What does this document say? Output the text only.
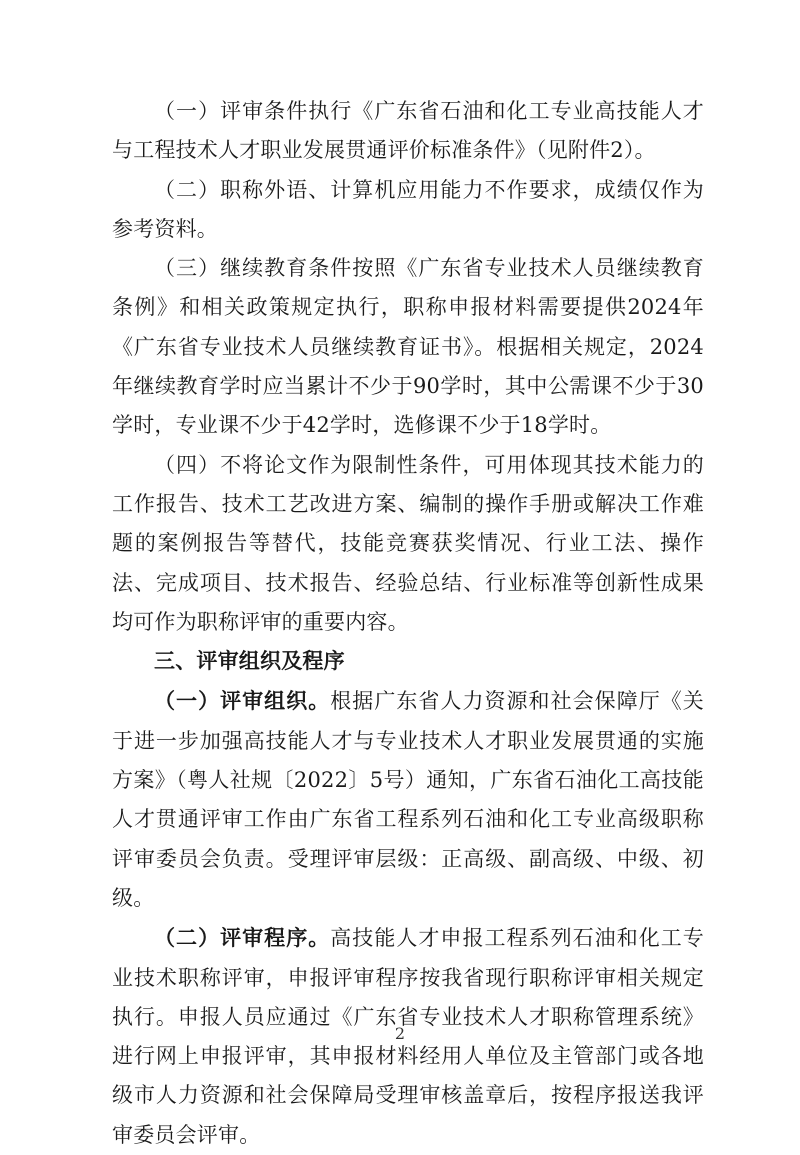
（一）评审条件执行《广东省石油和化工专业高技能人才与工程技术人才职业发展贯通评价标准条件》（见附件2）。

（二）职称外语、计算机应用能力不作要求，成绩仅作为参考资料。

（三）继续教育条件按照《广东省专业技术人员继续教育条例》和相关政策规定执行，职称申报材料需要提供2024年《广东省专业技术人员继续教育证书》。根据相关规定，2024年继续教育学时应当累计不少于90学时，其中公需课不少于30学时，专业课不少于42学时，选修课不少于18学时。

（四）不将论文作为限制性条件，可用体现其技术能力的工作报告、技术工艺改进方案、编制的操作手册或解决工作难题的案例报告等替代，技能竞赛获奖情况、行业工法、操作法、完成项目、技术报告、经验总结、行业标准等创新性成果均可作为职称评审的重要内容。

三、评审组织及程序

（一）评审组织。根据广东省人力资源和社会保障厅《关于进一步加强高技能人才与专业技术人才职业发展贯通的实施方案》（粤人社规〔2022〕5号）通知，广东省石油化工高技能人才贯通评审工作由广东省工程系列石油和化工专业高级职称评审委员会负责。受理评审层级：正高级、副高级、中级、初级。

（二）评审程序。高技能人才申报工程系列石油和化工专业技术职称评审，申报评审程序按我省现行职称评审相关规定执行。申报人员应通过《广东省专业技术人才职称管理系统》进行网上申报评审，其申报材料经用人单位及主管部门或各地级市人力资源和社会保障局受理审核盖章后，按程序报送我评审委员会评审。

2
